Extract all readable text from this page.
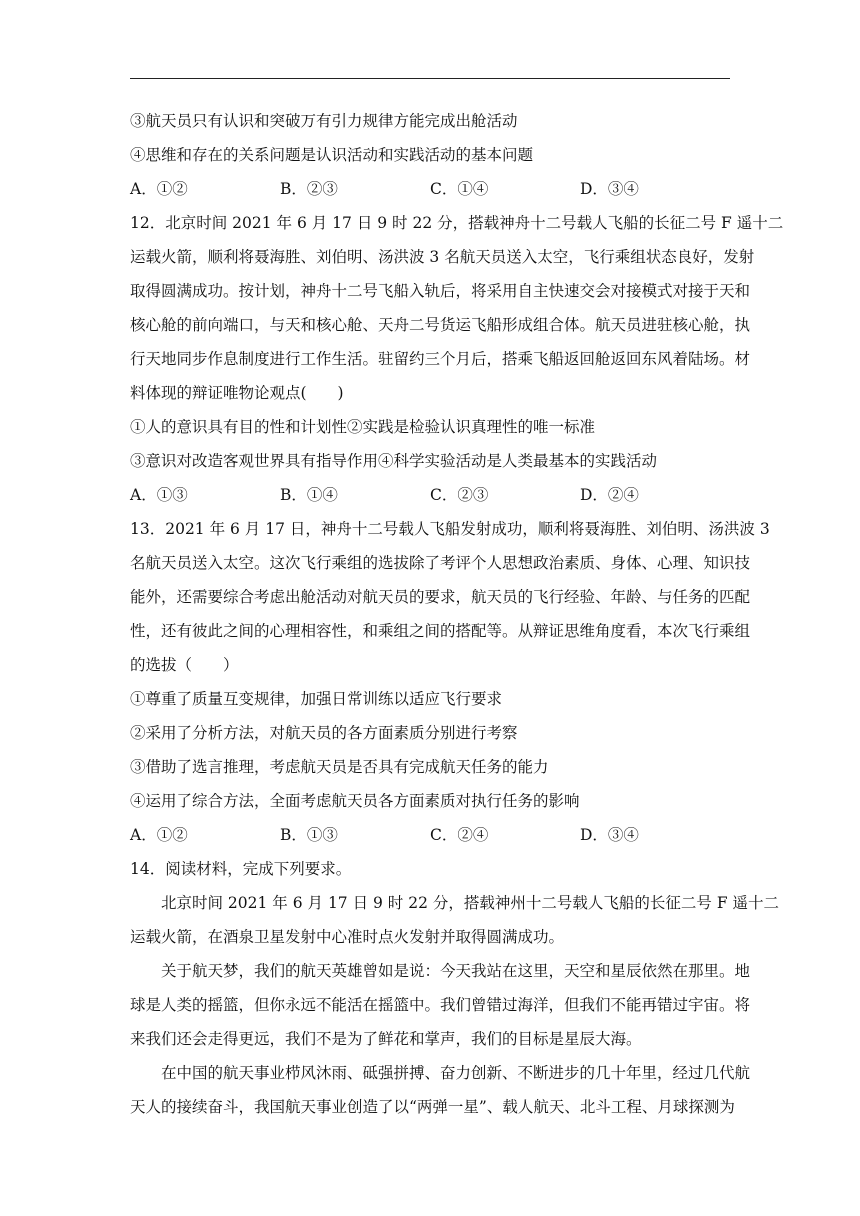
③航天员只有认识和突破万有引力规律方能完成出舱活动
④思维和存在的关系问题是认识活动和实践活动的基本问题
A．①②	B．②③	C．①④	D．③④
12．北京时间 2021 年 6 月 17 日 9 时 22 分，搭载神舟十二号载人飞船的长征二号 F 遥十二
运载火箭，顺利将聂海胜、刘伯明、汤洪波 3 名航天员送入太空，飞行乘组状态良好，发射
取得圆满成功。按计划，神舟十二号飞船入轨后，将采用自主快速交会对接模式对接于天和
核心舱的前向端口，与天和核心舱、天舟二号货运飞船形成组合体。航天员进驻核心舱，执
行天地同步作息制度进行工作生活。驻留约三个月后，搭乘飞船返回舱返回东风着陆场。材
料体现的辩证唯物论观点(　　)
①人的意识具有目的性和计划性②实践是检验认识真理性的唯一标准
③意识对改造客观世界具有指导作用④科学实验活动是人类最基本的实践活动
A．①③	B．①④	C．②③	D．②④
13．2021 年 6 月 17 日，神舟十二号载人飞船发射成功，顺利将聂海胜、刘伯明、汤洪波 3
名航天员送入太空。这次飞行乘组的选拔除了考评个人思想政治素质、身体、心理、知识技
能外，还需要综合考虑出舱活动对航天员的要求，航天员的飞行经验、年龄、与任务的匹配
性，还有彼此之间的心理相容性，和乘组之间的搭配等。从辩证思维角度看，本次飞行乘组
的选拔（　　）
①尊重了质量互变规律，加强日常训练以适应飞行要求
②采用了分析方法，对航天员的各方面素质分别进行考察
③借助了选言推理，考虑航天员是否具有完成航天任务的能力
④运用了综合方法，全面考虑航天员各方面素质对执行任务的影响
A．①②	B．①③	C．②④	D．③④
14．阅读材料，完成下列要求。
北京时间 2021 年 6 月 17 日 9 时 22 分，搭载神州十二号载人飞船的长征二号 F 遥十二
运载火箭，在酒泉卫星发射中心准时点火发射并取得圆满成功。
关于航天梦，我们的航天英雄曾如是说：今天我站在这里，天空和星辰依然在那里。地
球是人类的摇篮，但你永远不能活在摇篮中。我们曾错过海洋，但我们不能再错过宇宙。将
来我们还会走得更远，我们不是为了鲜花和掌声，我们的目标是星辰大海。
在中国的航天事业栉风沐雨、砥强拼搏、奋力创新、不断进步的几十年里，经过几代航
天人的接续奋斗，我国航天事业创造了以“两弹一星”、载人航天、北斗工程、月球探测为
